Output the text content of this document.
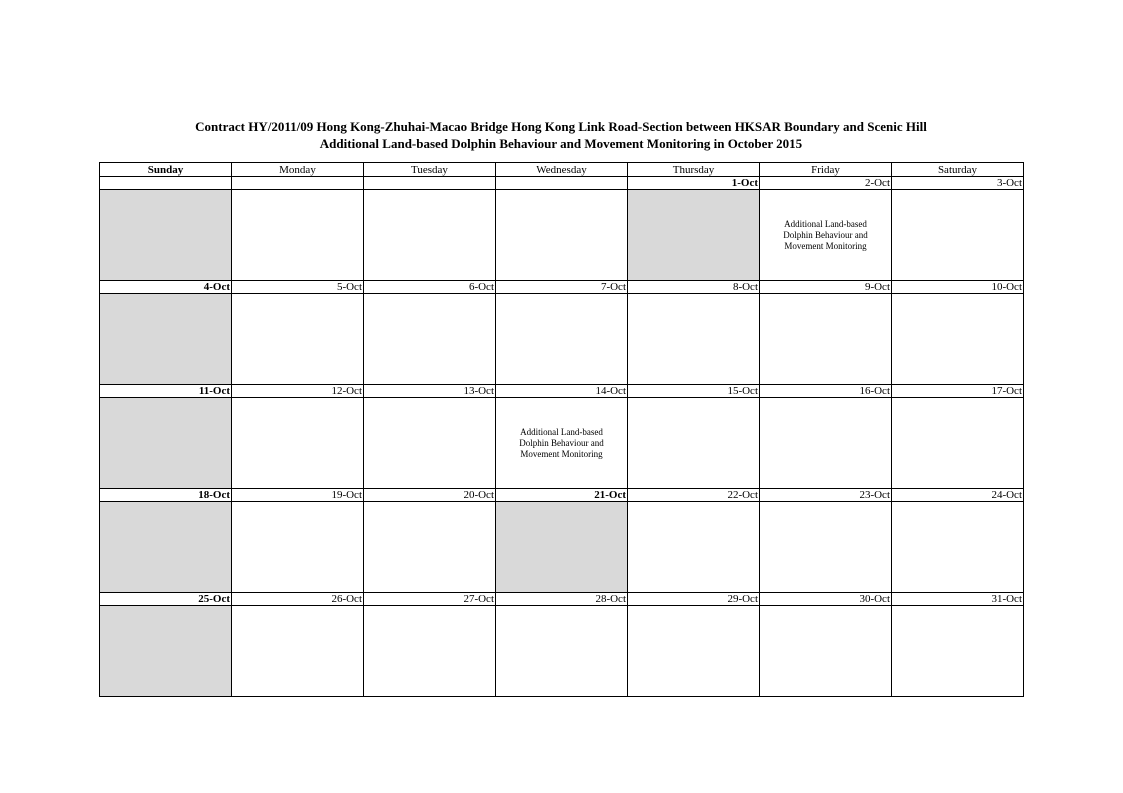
Contract HY/2011/09 Hong Kong-Zhuhai-Macao Bridge Hong Kong Link Road-Section between HKSAR Boundary and Scenic Hill
Additional Land-based Dolphin Behaviour and Movement Monitoring in October 2015
Sunday	Monday	Tuesday	Wednesday	Thursday	Friday	Saturday
				1-Oct	2-Oct	3-Oct

					Additional Land-based Dolphin Behaviour and Movement Monitoring	

4-Oct	5-Oct	6-Oct	7-Oct	8-Oct	9-Oct	10-Oct

11-Oct	12-Oct	13-Oct	14-Oct	15-Oct	16-Oct	17-Oct

			Additional Land-based Dolphin Behaviour and Movement Monitoring			

18-Oct	19-Oct	20-Oct	21-Oct	22-Oct	23-Oct	24-Oct

25-Oct	26-Oct	27-Oct	28-Oct	29-Oct	30-Oct	31-Oct
